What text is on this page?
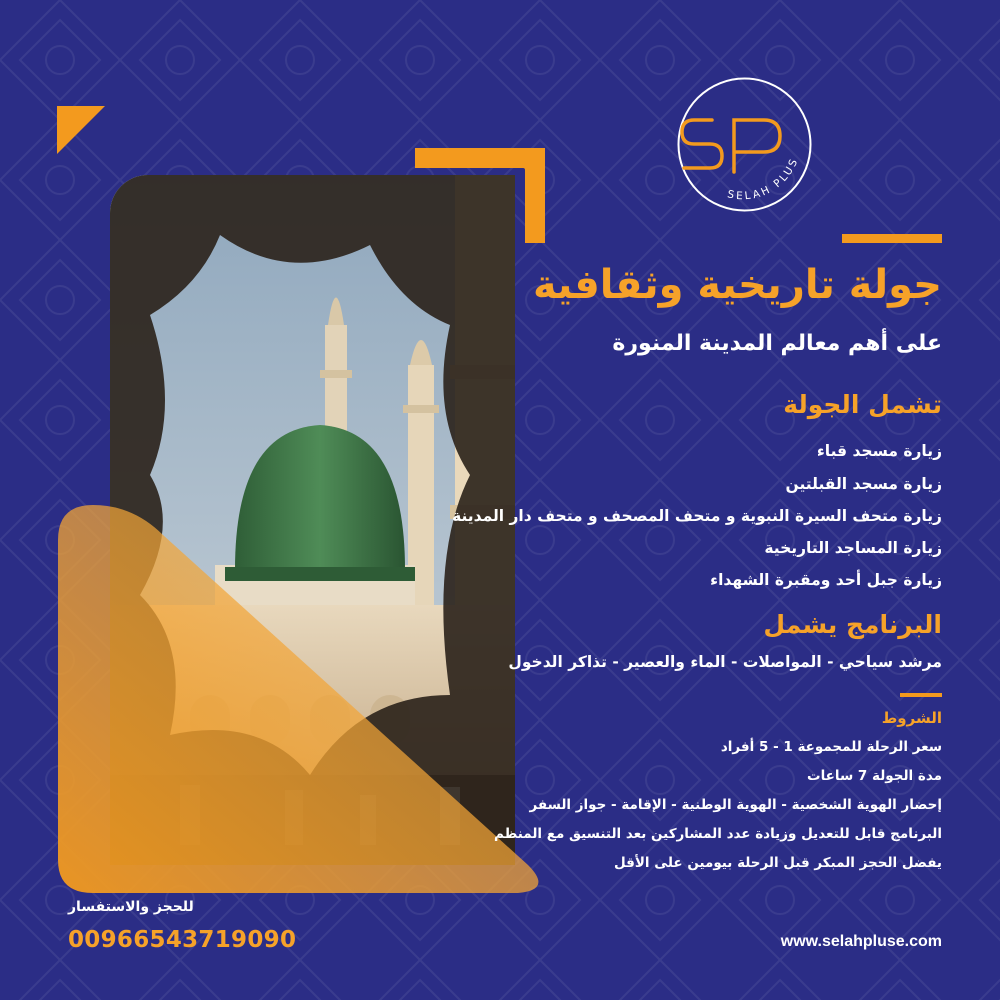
SELAH PLUS
جولة تاريخية وثقافية
على أهم معالم المدينة المنورة
تشمل الجولة
زيارة مسجد قباء
زيارة مسجد القبلتين
زيارة متحف السيرة النبوية و متحف المصحف و متحف دار المدينة
زيارة المساجد التاريخية
زيارة جبل أحد ومقبرة الشهداء
البرنامج يشمل
مرشد سياحي - المواصلات - الماء والعصير - تذاكر الدخول
الشروط
سعر الرحلة للمجموعة 1 - 5 أفراد
مدة الجولة 7 ساعات
إحضار الهوية الشخصية - الهوية الوطنية - الإقامة - جواز السفر
البرنامج قابل للتعديل وزيادة عدد المشاركين بعد التنسيق مع المنظم
يفضل الحجز المبكر قبل الرحلة بيومين على الأقل
للحجز والاستفسار
00966543719090	www.selahpluse.com
